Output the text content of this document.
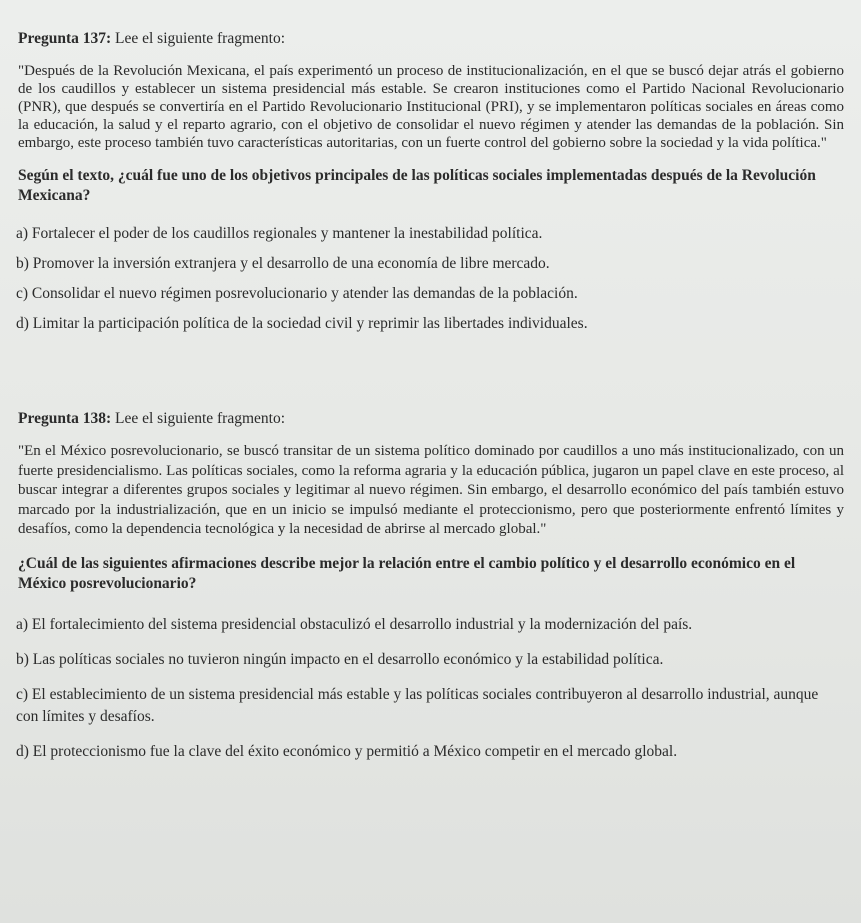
Pregunta 137: Lee el siguiente fragmento:

"Después de la Revolución Mexicana, el país experimentó un proceso de institucionalización, en el que se buscó dejar atrás el gobierno de los caudillos y establecer un sistema presidencial más estable. Se crearon instituciones como el Partido Nacional Revolucionario (PNR), que después se convertiría en el Partido Revolucionario Institucional (PRI), y se implementaron políticas sociales en áreas como la educación, la salud y el reparto agrario, con el objetivo de consolidar el nuevo régimen y atender las demandas de la población. Sin embargo, este proceso también tuvo características autoritarias, con un fuerte control del gobierno sobre la sociedad y la vida política."

Según el texto, ¿cuál fue uno de los objetivos principales de las políticas sociales implementadas después de la Revolución Mexicana?

a) Fortalecer el poder de los caudillos regionales y mantener la inestabilidad política.
b) Promover la inversión extranjera y el desarrollo de una economía de libre mercado.
c) Consolidar el nuevo régimen posrevolucionario y atender las demandas de la población.
d) Limitar la participación política de la sociedad civil y reprimir las libertades individuales.

Pregunta 138: Lee el siguiente fragmento:

"En el México posrevolucionario, se buscó transitar de un sistema político dominado por caudillos a uno más institucionalizado, con un fuerte presidencialismo. Las políticas sociales, como la reforma agraria y la educación pública, jugaron un papel clave en este proceso, al buscar integrar a diferentes grupos sociales y legitimar al nuevo régimen. Sin embargo, el desarrollo económico del país también estuvo marcado por la industrialización, que en un inicio se impulsó mediante el proteccionismo, pero que posteriormente enfrentó límites y desafíos, como la dependencia tecnológica y la necesidad de abrirse al mercado global."

¿Cuál de las siguientes afirmaciones describe mejor la relación entre el cambio político y el desarrollo económico en el México posrevolucionario?

a) El fortalecimiento del sistema presidencial obstaculizó el desarrollo industrial y la modernización del país.
b) Las políticas sociales no tuvieron ningún impacto en el desarrollo económico y la estabilidad política.
c) El establecimiento de un sistema presidencial más estable y las políticas sociales contribuyeron al desarrollo industrial, aunque con límites y desafíos.
d) El proteccionismo fue la clave del éxito económico y permitió a México competir en el mercado global.
